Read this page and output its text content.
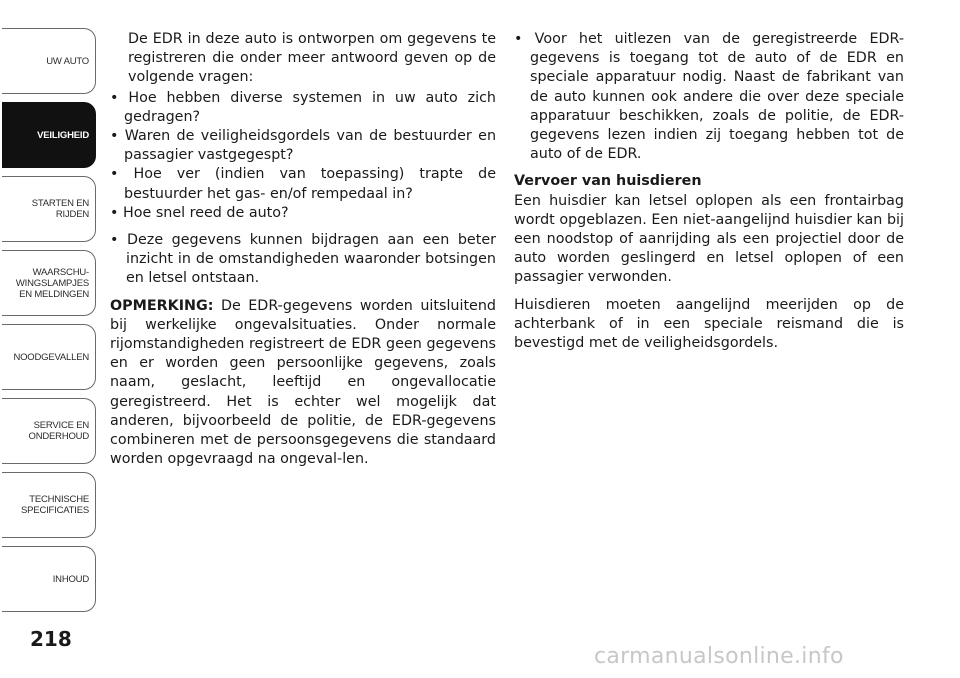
UW AUTO
VEILIGHEID
STARTEN EN
RIJDEN
WAARSCHU-
WINGSLAMPJES
EN MELDINGEN
NOODGEVALLEN
SERVICE EN
ONDERHOUD
TECHNISCHE
SPECIFICATIES
INHOUD
218

De EDR in deze auto is ontworpen om gegevens te registreren die onder meer antwoord geven op de volgende vragen:

• Hoe hebben diverse systemen in uw auto zich gedragen?

• Waren de veiligheidsgordels van de bestuurder en passagier vastgegespt?

• Hoe ver (indien van toepassing) trapte de bestuurder het gas- en/of rempedaal in?

• Hoe snel reed de auto?

• Deze gegevens kunnen bijdragen aan een beter inzicht in de omstandigheden waaronder botsingen en letsel ontstaan.

OPMERKING: De EDR-gegevens worden uitsluitend bij werkelijke ongevalsituaties. Onder normale rijomstandigheden registreert de EDR geen gegevens en er worden geen persoonlijke gegevens, zoals naam, geslacht, leeftijd en ongevallocatie geregistreerd. Het is echter wel mogelijk dat anderen, bijvoorbeeld de politie, de EDR-gegevens combineren met de persoonsgegevens die standaard worden opgevraagd na ongeval-len.

• Voor het uitlezen van de geregistreerde EDR-gegevens is toegang tot de auto of de EDR en speciale apparatuur nodig. Naast de fabrikant van de auto kunnen ook andere die over deze speciale apparatuur beschikken, zoals de politie, de EDR-gegevens lezen indien zij toegang hebben tot de auto of de EDR.

Vervoer van huisdieren

Een huisdier kan letsel oplopen als een frontairbag wordt opgeblazen. Een niet-aangelijnd huisdier kan bij een noodstop of aanrijding als een projectiel door de auto worden geslingerd en letsel oplopen of een passagier verwonden.

Huisdieren moeten aangelijnd meerijden op de achterbank of in een speciale reismand die is bevestigd met de veiligheidsgordels.

carmanualsonline.info
